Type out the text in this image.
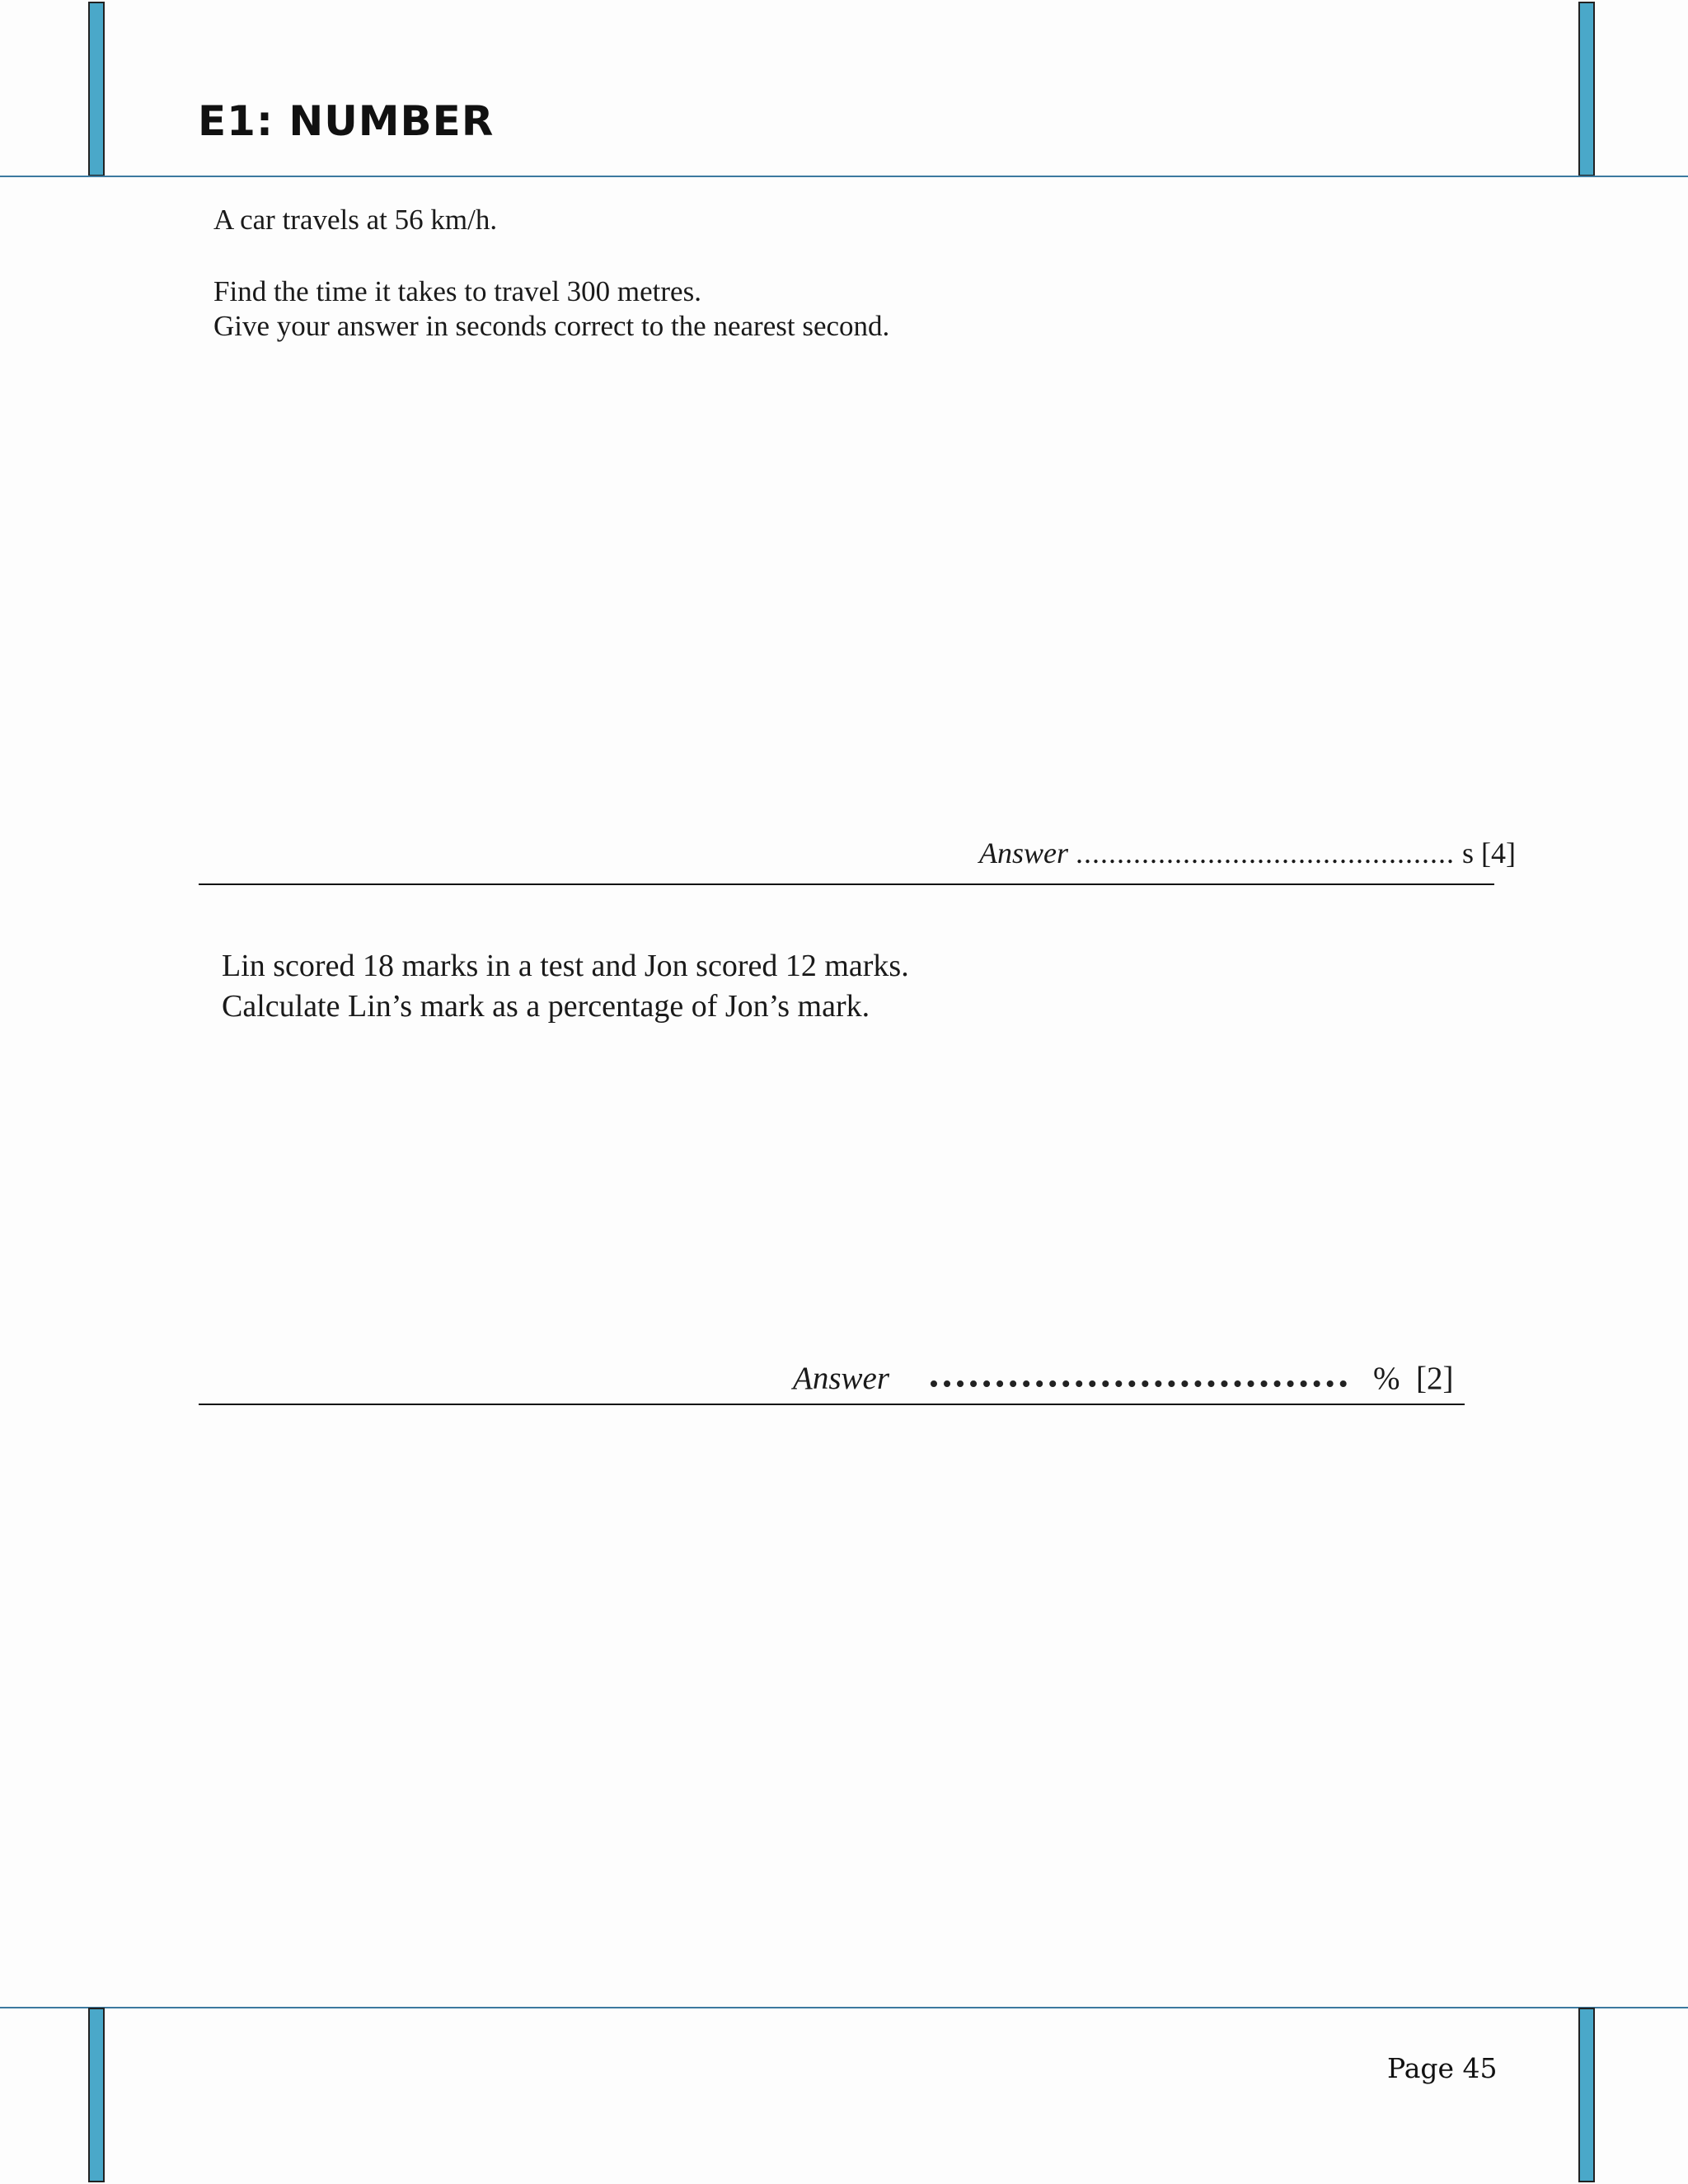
E1: NUMBER
A car travels at 56 km/h.
Find the time it takes to travel 300 metres.
Give your answer in seconds correct to the nearest second.
Answer .............................................. s [4]
Lin scored 18 marks in a test and Jon scored 12 marks.
Calculate Lin’s mark as a percentage of Jon’s mark.
Answer	% [2]
Page 45
